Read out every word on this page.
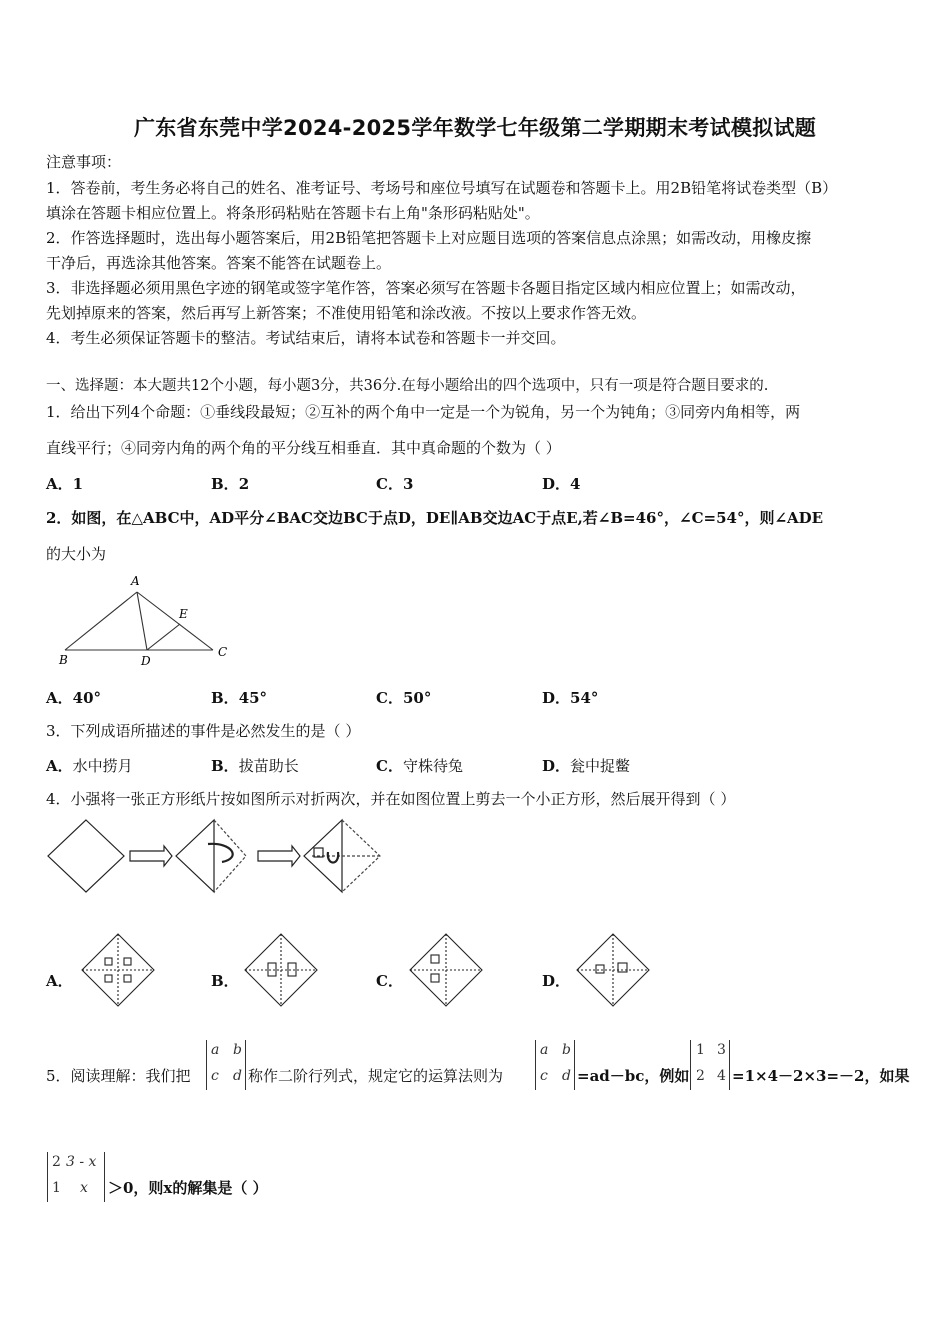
广东省东莞中学2024-2025学年数学七年级第二学期期末考试模拟试题
注意事项：
1．答卷前，考生务必将自己的姓名、准考证号、考场号和座位号填写在试题卷和答题卡上。用2B铅笔将试卷类型（B）
填涂在答题卡相应位置上。将条形码粘贴在答题卡右上角"条形码粘贴处"。
2．作答选择题时，选出每小题答案后，用2B铅笔把答题卡上对应题目选项的答案信息点涂黑；如需改动，用橡皮擦
干净后，再选涂其他答案。答案不能答在试题卷上。
3．非选择题必须用黑色字迹的钢笔或签字笔作答，答案必须写在答题卡各题目指定区域内相应位置上；如需改动，
先划掉原来的答案，然后再写上新答案；不准使用铅笔和涂改液。不按以上要求作答无效。
4．考生必须保证答题卡的整洁。考试结束后，请将本试卷和答题卡一并交回。
一、选择题：本大题共12个小题，每小题3分，共36分.在每小题给出的四个选项中，只有一项是符合题目要求的.
1．给出下列4个命题：①垂线段最短；②互补的两个角中一定是一个为锐角，另一个为钝角；③同旁内角相等，两
直线平行；④同旁内角的两个角的平分线互相垂直．其中真命题的个数为（ ）
A．1	B．2	C．3	D．4
2．如图，在△ABC中，AD平分∠BAC交边BC于点D，DE∥AB交边AC于点E,若∠B=46°，∠C=54°，则∠ADE
的大小为
A
B
C
D
E
A．40°	B．45°	C．50°	D．54°
3．下列成语所描述的事件是必然发生的是（ ）
A．水中捞月	B．拔苗助长	C．守株待兔	D．瓮中捉鳖
4．小强将一张正方形纸片按如图所示对折两次，并在如图位置上剪去一个小正方形，然后展开得到（ ）
A．	B．	C．	D．
5．阅读理解：我们把
a b
c d 称作二阶行列式，规定它的运算法则为
a b
c d =ad－bc，例如
1 3
2 4 =1×4－2×3=－2，如果
2 3 - x
1 x ＞0，则x的解集是（ ）
